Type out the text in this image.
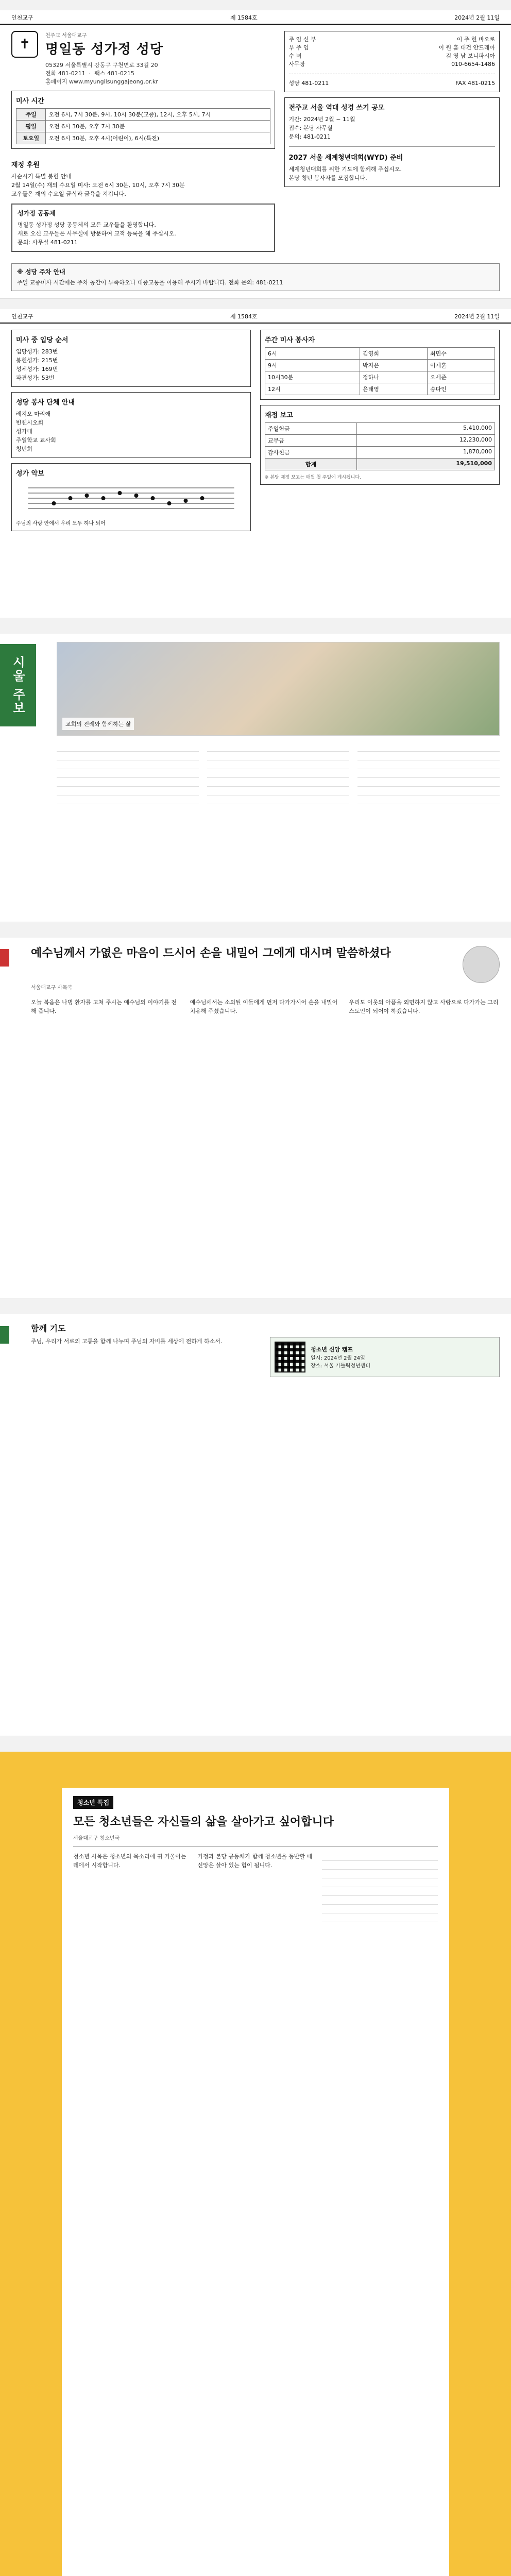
인천교구	제 1584호	2024년 2월 11일
✝
천주교 서울대교구
명일동 성가정 성당
05329 서울특별시 강동구 구천면로 33길 20
전화 481-0211  ·  팩스 481-0215
홈페이지 www.myungilsunggajeong.or.kr
미사 시간
주일	오전 6시, 7시 30분, 9시, 10시 30분(교중), 12시, 오후 5시, 7시
평일	오전 6시 30분, 오후 7시 30분
토요일	오전 6시 30분, 오후 4시(어린이), 6시(특전)
재정 후원
사순시기 특별 봉헌 안내
2월 14일(수) 재의 수요일 미사: 오전 6시 30분, 10시, 오후 7시 30분
교우들은 재의 수요일 금식과 금육을 지킵니다.
성가정 공동체
명일동 성가정 성당 공동체의 모든 교우들을 환영합니다.
새로 오신 교우들은 사무실에 방문하여 교적 등록을 해 주십시오.
문의: 사무실 481-0211
주 임 신 부	이 주 헌 바오로
부 주 임	이 원 흠 대건 안드레아
수 녀	김 영 남 보니파시아
사무장	010-6654-1486
성당 481-0211	FAX 481-0215
전주교 서울 역대 성경 쓰기 공모
기간: 2024년 2월 ~ 11월
접수: 본당 사무실
문의: 481-0211
2027 서울 세계청년대회(WYD) 준비
세계청년대회를 위한 기도에 함께해 주십시오.
본당 청년 봉사자를 모집합니다.
※ 성당 주차 안내
주일 교중미사 시간에는 주차 공간이 부족하오니 대중교통을 이용해 주시기 바랍니다. 전화 문의: 481-0211
인천교구	제 1584호	2024년 2월 11일
미사 중 입당 순서
입당성가: 283번
봉헌성가: 215번
성체성가: 169번
파견성가: 53번
성당 봉사 단체 안내
레지오 마리애
빈첸시오회
성가대
주일학교 교사회
청년회
성가 악보
주님의 사랑 안에서 우리 모두 하나 되어
주간 미사 봉사자
6시	김영희	최민수
9시	박지은	이재훈
10시30분	정하나	오세준
12시	윤태영	송다인
재정 보고
주일헌금	5,410,000
교무금	12,230,000
감사헌금	1,870,000
합계	19,510,000
※ 본당 재정 보고는 매월 첫 주일에 게시됩니다.
시울 주보
교회의 전례와 함께하는 삶
예수님께서 가엾은 마음이 드시어 손을 내밀어 그에게 대시며 말씀하셨다
서울대교구 사목국
오늘 복음은 나병 환자를 고쳐 주시는 예수님의 이야기를 전해 줍니다.
예수님께서는 소외된 이들에게 먼저 다가가시어 손을 내밀어 치유해 주셨습니다.
우리도 이웃의 아픔을 외면하지 않고 사랑으로 다가가는 그리스도인이 되어야 하겠습니다.
함께 기도
주님, 우리가 서로의 고통을 함께 나누며 주님의 자비를 세상에 전하게 하소서.
청소년 신앙 캠프
일시: 2024년 2월 24일
장소: 서울 가톨릭청년센터
청소년 특집
모든 청소년들은 자신들의 삶을 살아가고 싶어합니다
서울대교구 청소년국
청소년 사목은 청소년의 목소리에 귀 기울이는 데에서 시작합니다.
가정과 본당 공동체가 함께 청소년을 동반할 때 신앙은 살아 있는 힘이 됩니다.
